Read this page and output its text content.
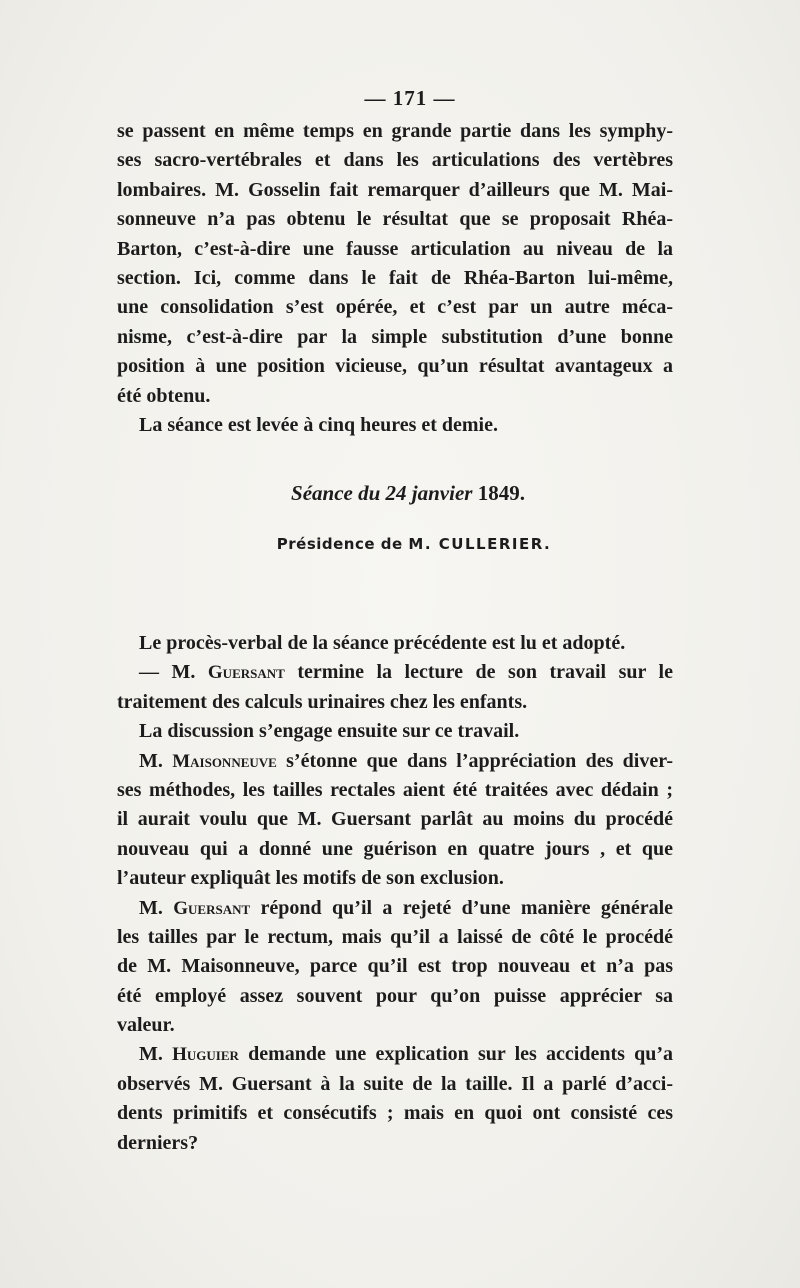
— 171 —
se passent en même temps en grande partie dans les symphy-
ses sacro-vertébrales et dans les articulations des vertèbres
lombaires. M. Gosselin fait remarquer d’ailleurs que M. Mai-
sonneuve n’a pas obtenu le résultat que se proposait Rhéa-
Barton, c’est-à-dire une fausse articulation au niveau de la
section. Ici, comme dans le fait de Rhéa-Barton lui-même,
une consolidation s’est opérée, et c’est par un autre méca-
nisme, c’est-à-dire par la simple substitution d’une bonne
position à une position vicieuse, qu’un résultat avantageux a
été obtenu.
La séance est levée à cinq heures et demie.
Séance du 24 janvier 1849.
Présidence de M. CULLERIER.
Le procès-verbal de la séance précédente est lu et adopté.
— M. Guersant termine la lecture de son travail sur le
traitement des calculs urinaires chez les enfants.
La discussion s’engage ensuite sur ce travail.
M. Maisonneuve s’étonne que dans l’appréciation des diver-
ses méthodes, les tailles rectales aient été traitées avec dédain ;
il aurait voulu que M. Guersant parlât au moins du procédé
nouveau qui a donné une guérison en quatre jours , et que
l’auteur expliquât les motifs de son exclusion.
M. Guersant répond qu’il a rejeté d’une manière générale
les tailles par le rectum, mais qu’il a laissé de côté le procédé
de M. Maisonneuve, parce qu’il est trop nouveau et n’a pas
été employé assez souvent pour qu’on puisse apprécier sa
valeur.
M. Huguier demande une explication sur les accidents qu’a
observés M. Guersant à la suite de la taille. Il a parlé d’acci-
dents primitifs et consécutifs ; mais en quoi ont consisté ces
derniers?
